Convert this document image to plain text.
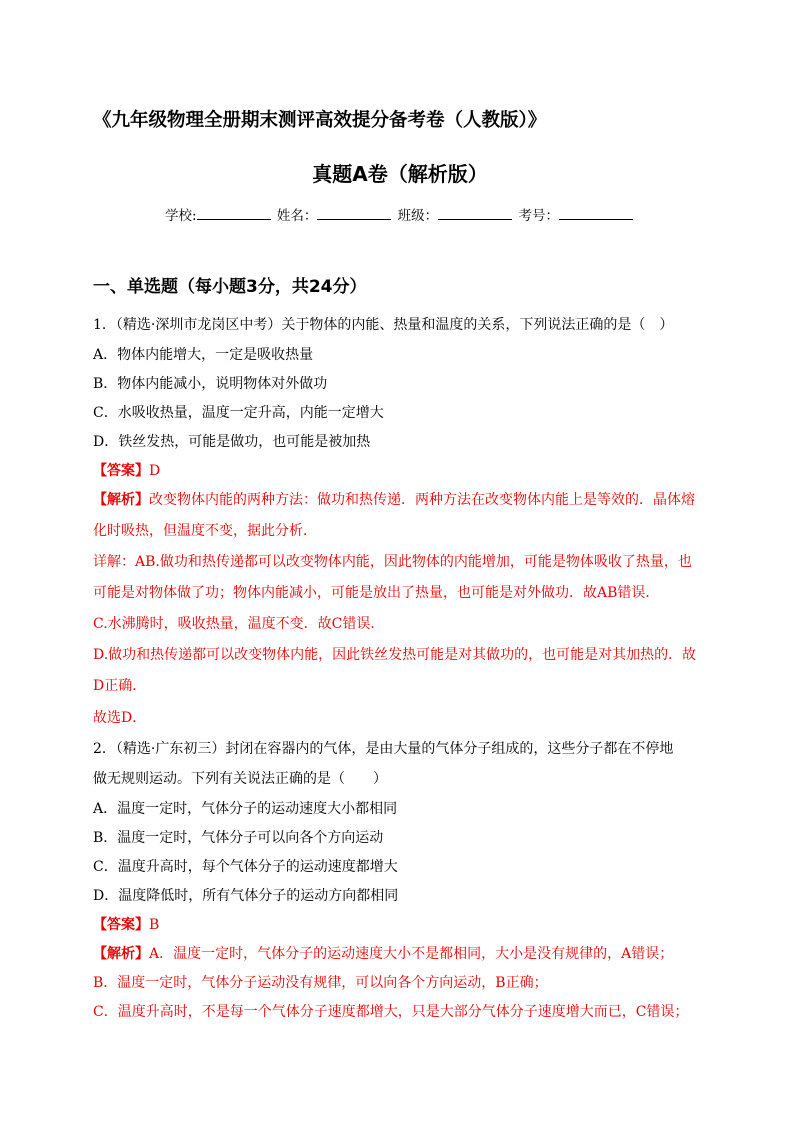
《九年级物理全册期末测评高效提分备考卷（人教版）》
真题A卷（解析版）
学校:	姓名：	班级：	考号：
一、单选题（每小题3分，共24分）
1．（精选·深圳市龙岗区中考）关于物体的内能、热量和温度的关系，下列说法正确的是（　）
A．物体内能增大，一定是吸收热量
B．物体内能减小，说明物体对外做功
C．水吸收热量，温度一定升高，内能一定增大
D．铁丝发热，可能是做功，也可能是被加热
【答案】D
【解析】改变物体内能的两种方法：做功和热传递．两种方法在改变物体内能上是等效的．晶体熔
化时吸热，但温度不变，据此分析．
详解：AB.做功和热传递都可以改变物体内能，因此物体的内能增加，可能是物体吸收了热量，也
可能是对物体做了功；物体内能减小，可能是放出了热量，也可能是对外做功．故AB错误．
C.水沸腾时，吸收热量，温度不变．故C错误．
D.做功和热传递都可以改变物体内能，因此铁丝发热可能是对其做功的，也可能是对其加热的．故
D正确．
故选D．
2．（精选·广东初三）封闭在容器内的气体，是由大量的气体分子组成的，这些分子都在不停地
做无规则运动。下列有关说法正确的是（　　）
A．温度一定时，气体分子的运动速度大小都相同
B．温度一定时，气体分子可以向各个方向运动
C．温度升高时，每个气体分子的运动速度都增大
D．温度降低时，所有气体分子的运动方向都相同
【答案】B
【解析】A．温度一定时，气体分子的运动速度大小不是都相同，大小是没有规律的，A错误；
B．温度一定时，气体分子运动没有规律，可以向各个方向运动，B正确；
C．温度升高时，不是每一个气体分子速度都增大，只是大部分气体分子速度增大而已，C错误；
